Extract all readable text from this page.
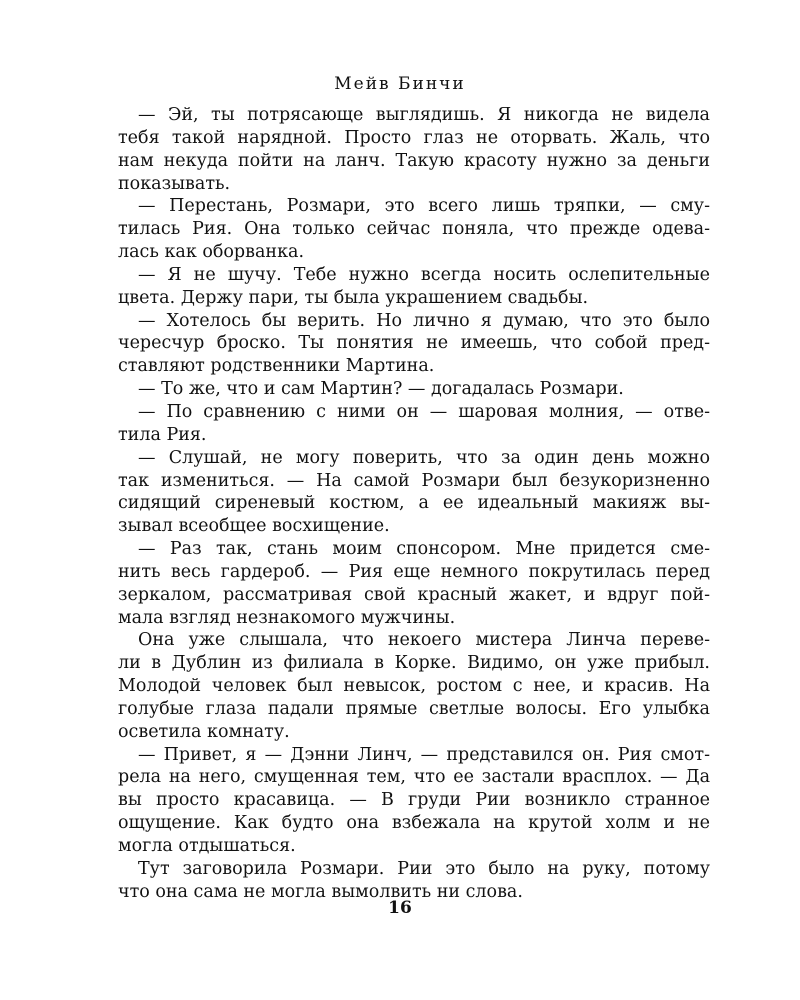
Мейв Бинчи
— Эй, ты потрясающе выглядишь. Я никогда не видела
тебя такой нарядной. Просто глаз не оторвать. Жаль, что
нам некуда пойти на ланч. Такую красоту нужно за деньги
показывать.
— Перестань, Розмари, это всего лишь тряпки, — сму-
тилась Рия. Она только сейчас поняла, что прежде одева-
лась как оборванка.
— Я не шучу. Тебе нужно всегда носить ослепительные
цвета. Держу пари, ты была украшением свадьбы.
— Хотелось бы верить. Но лично я думаю, что это было
чересчур броско. Ты понятия не имеешь, что собой пред-
ставляют родственники Мартина.
— То же, что и сам Мартин? — догадалась Розмари.
— По сравнению с ними он — шаровая молния, — отве-
тила Рия.
— Слушай, не могу поверить, что за один день можно
так измениться. — На самой Розмари был безукоризненно
сидящий сиреневый костюм, а ее идеальный макияж вы-
зывал всеобщее восхищение.
— Раз так, стань моим спонсором. Мне придется сме-
нить весь гардероб. — Рия еще немного покрутилась перед
зеркалом, рассматривая свой красный жакет, и вдруг пой-
мала взгляд незнакомого мужчины.
Она уже слышала, что некоего мистера Линча переве-
ли в Дублин из филиала в Корке. Видимо, он уже прибыл.
Молодой человек был невысок, ростом с нее, и красив. На
голубые глаза падали прямые светлые волосы. Его улыбка
осветила комнату.
— Привет, я — Дэнни Линч, — представился он. Рия смот-
рела на него, смущенная тем, что ее застали врасплох. — Да
вы просто красавица. — В груди Рии возникло странное
ощущение. Как будто она взбежала на крутой холм и не
могла отдышаться.
Тут заговорила Розмари. Рии это было на руку, потому
что она сама не могла вымолвить ни слова.
16
